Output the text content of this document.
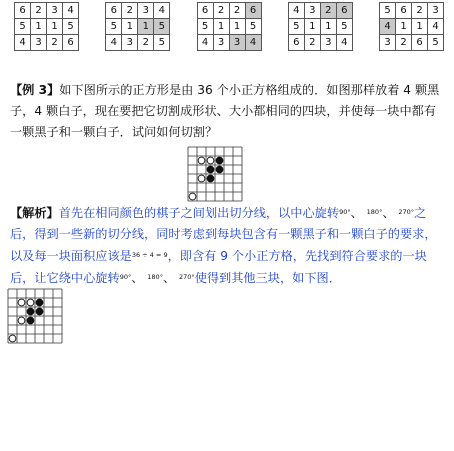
6	2	3	4
5	1	1	5
4	3	2	6
6	2	3	4
5	1	1	5
4	3	2	5
6	2	2	6
5	1	1	5
4	3	3	4
4	3	2	6
5	1	1	5
6	2	3	4
5	6	2	3
4	1	1	4
3	2	6	5
【例 3】如下图所示的正方形是由 36 个小正方格组成的．如图那样放着 4 颗黑
子，4 颗白子，现在要把它切割成形状、大小都相同的四块，并使每一块中都有
一颗黑子和一颗白子．试问如何切割？
【解析】首先在相同颜色的棋子之间划出切分线，以中心旋转$^{90^\circ}$、 $^{180^\circ}$、 $^{270^\circ}$之
后，得到一些新的切分线，同时考虑到每块包含有一颗黑子和一颗白子的要求，
以及每一块面积应该是$^{36 \div 4 = 9}$，即含有 9 个小正方格，先找到符合要求的一块
后，让它绕中心旋转$^{90^\circ}$、 $^{180^\circ}$、 $^{270^\circ}$使得到其他三块，如下图．
